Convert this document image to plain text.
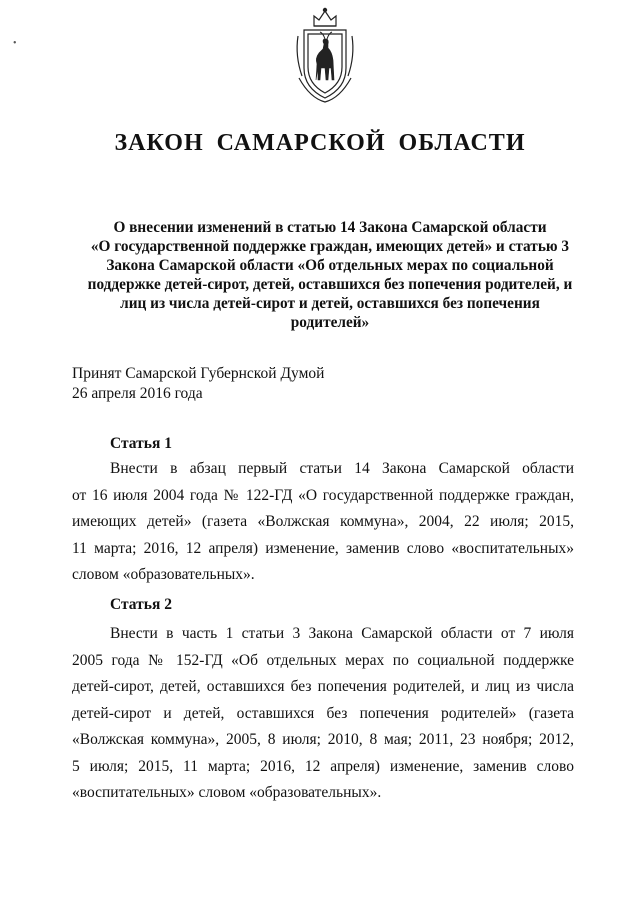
•
ЗАКОН САМАРСКОЙ ОБЛАСТИ
О внесении изменений в статью 14 Закона Самарской области
«О государственной поддержке граждан, имеющих детей» и статью 3
Закона Самарской области «Об отдельных мерах по социальной
поддержке детей-сирот, детей, оставшихся без попечения родителей, и
лиц из числа детей-сирот и детей, оставшихся без попечения
родителей»
Принят Самарской Губернской Думой
26 апреля 2016 года
Статья 1
Внести в абзац первый статьи 14 Закона Самарской области
от 16 июля 2004 года № 122-ГД «О государственной поддержке граждан,
имеющих детей» (газета «Волжская коммуна», 2004, 22 июля; 2015,
11 марта; 2016, 12 апреля) изменение, заменив слово «воспитательных»
словом «образовательных».
Статья 2
Внести в часть 1 статьи 3 Закона Самарской области от 7 июля
2005 года № 152-ГД «Об отдельных мерах по социальной поддержке
детей-сирот, детей, оставшихся без попечения родителей, и лиц из числа
детей-сирот и детей, оставшихся без попечения родителей» (газета
«Волжская коммуна», 2005, 8 июля; 2010, 8 мая; 2011, 23 ноября; 2012,
5 июля; 2015, 11 марта; 2016, 12 апреля) изменение, заменив слово
«воспитательных» словом «образовательных».
